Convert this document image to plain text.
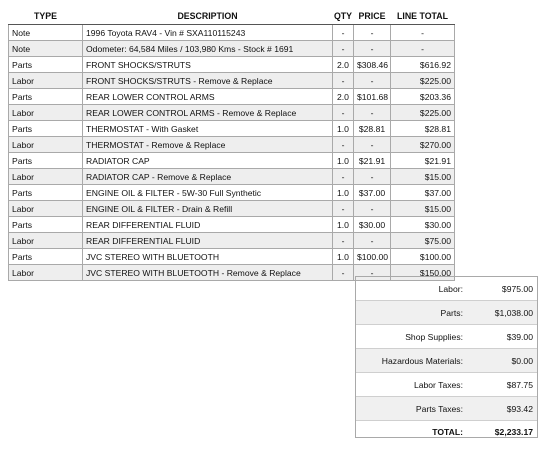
TYPE	DESCRIPTION	QTY	PRICE	LINE TOTAL
Note	1996 Toyota RAV4 - Vin # SXA110115243	-	-	-
Note	Odometer: 64,584 Miles / 103,980 Kms - Stock # 1691	-	-	-
Parts	FRONT SHOCKS/STRUTS	2.0	$308.46	$616.92
Labor	FRONT SHOCKS/STRUTS - Remove & Replace	-	-	$225.00
Parts	REAR LOWER CONTROL ARMS	2.0	$101.68	$203.36
Labor	REAR LOWER CONTROL ARMS - Remove & Replace	-	-	$225.00
Parts	THERMOSTAT - With Gasket	1.0	$28.81	$28.81
Labor	THERMOSTAT - Remove & Replace	-	-	$270.00
Parts	RADIATOR CAP	1.0	$21.91	$21.91
Labor	RADIATOR CAP - Remove & Replace	-	-	$15.00
Parts	ENGINE OIL & FILTER - 5W-30 Full Synthetic	1.0	$37.00	$37.00
Labor	ENGINE OIL & FILTER - Drain & Refill	-	-	$15.00
Parts	REAR DIFFERENTIAL FLUID	1.0	$30.00	$30.00
Labor	REAR DIFFERENTIAL FLUID	-	-	$75.00
Parts	JVC STEREO WITH BLUETOOTH	1.0	$100.00	$100.00
Labor	JVC STEREO WITH BLUETOOTH - Remove & Replace	-	-	$150.00
Labor:	$975.00
Parts:	$1,038.00
Shop Supplies:	$39.00
Hazardous Materials:	$0.00
Labor Taxes:	$87.75
Parts Taxes:	$93.42
TOTAL:	$2,233.17
